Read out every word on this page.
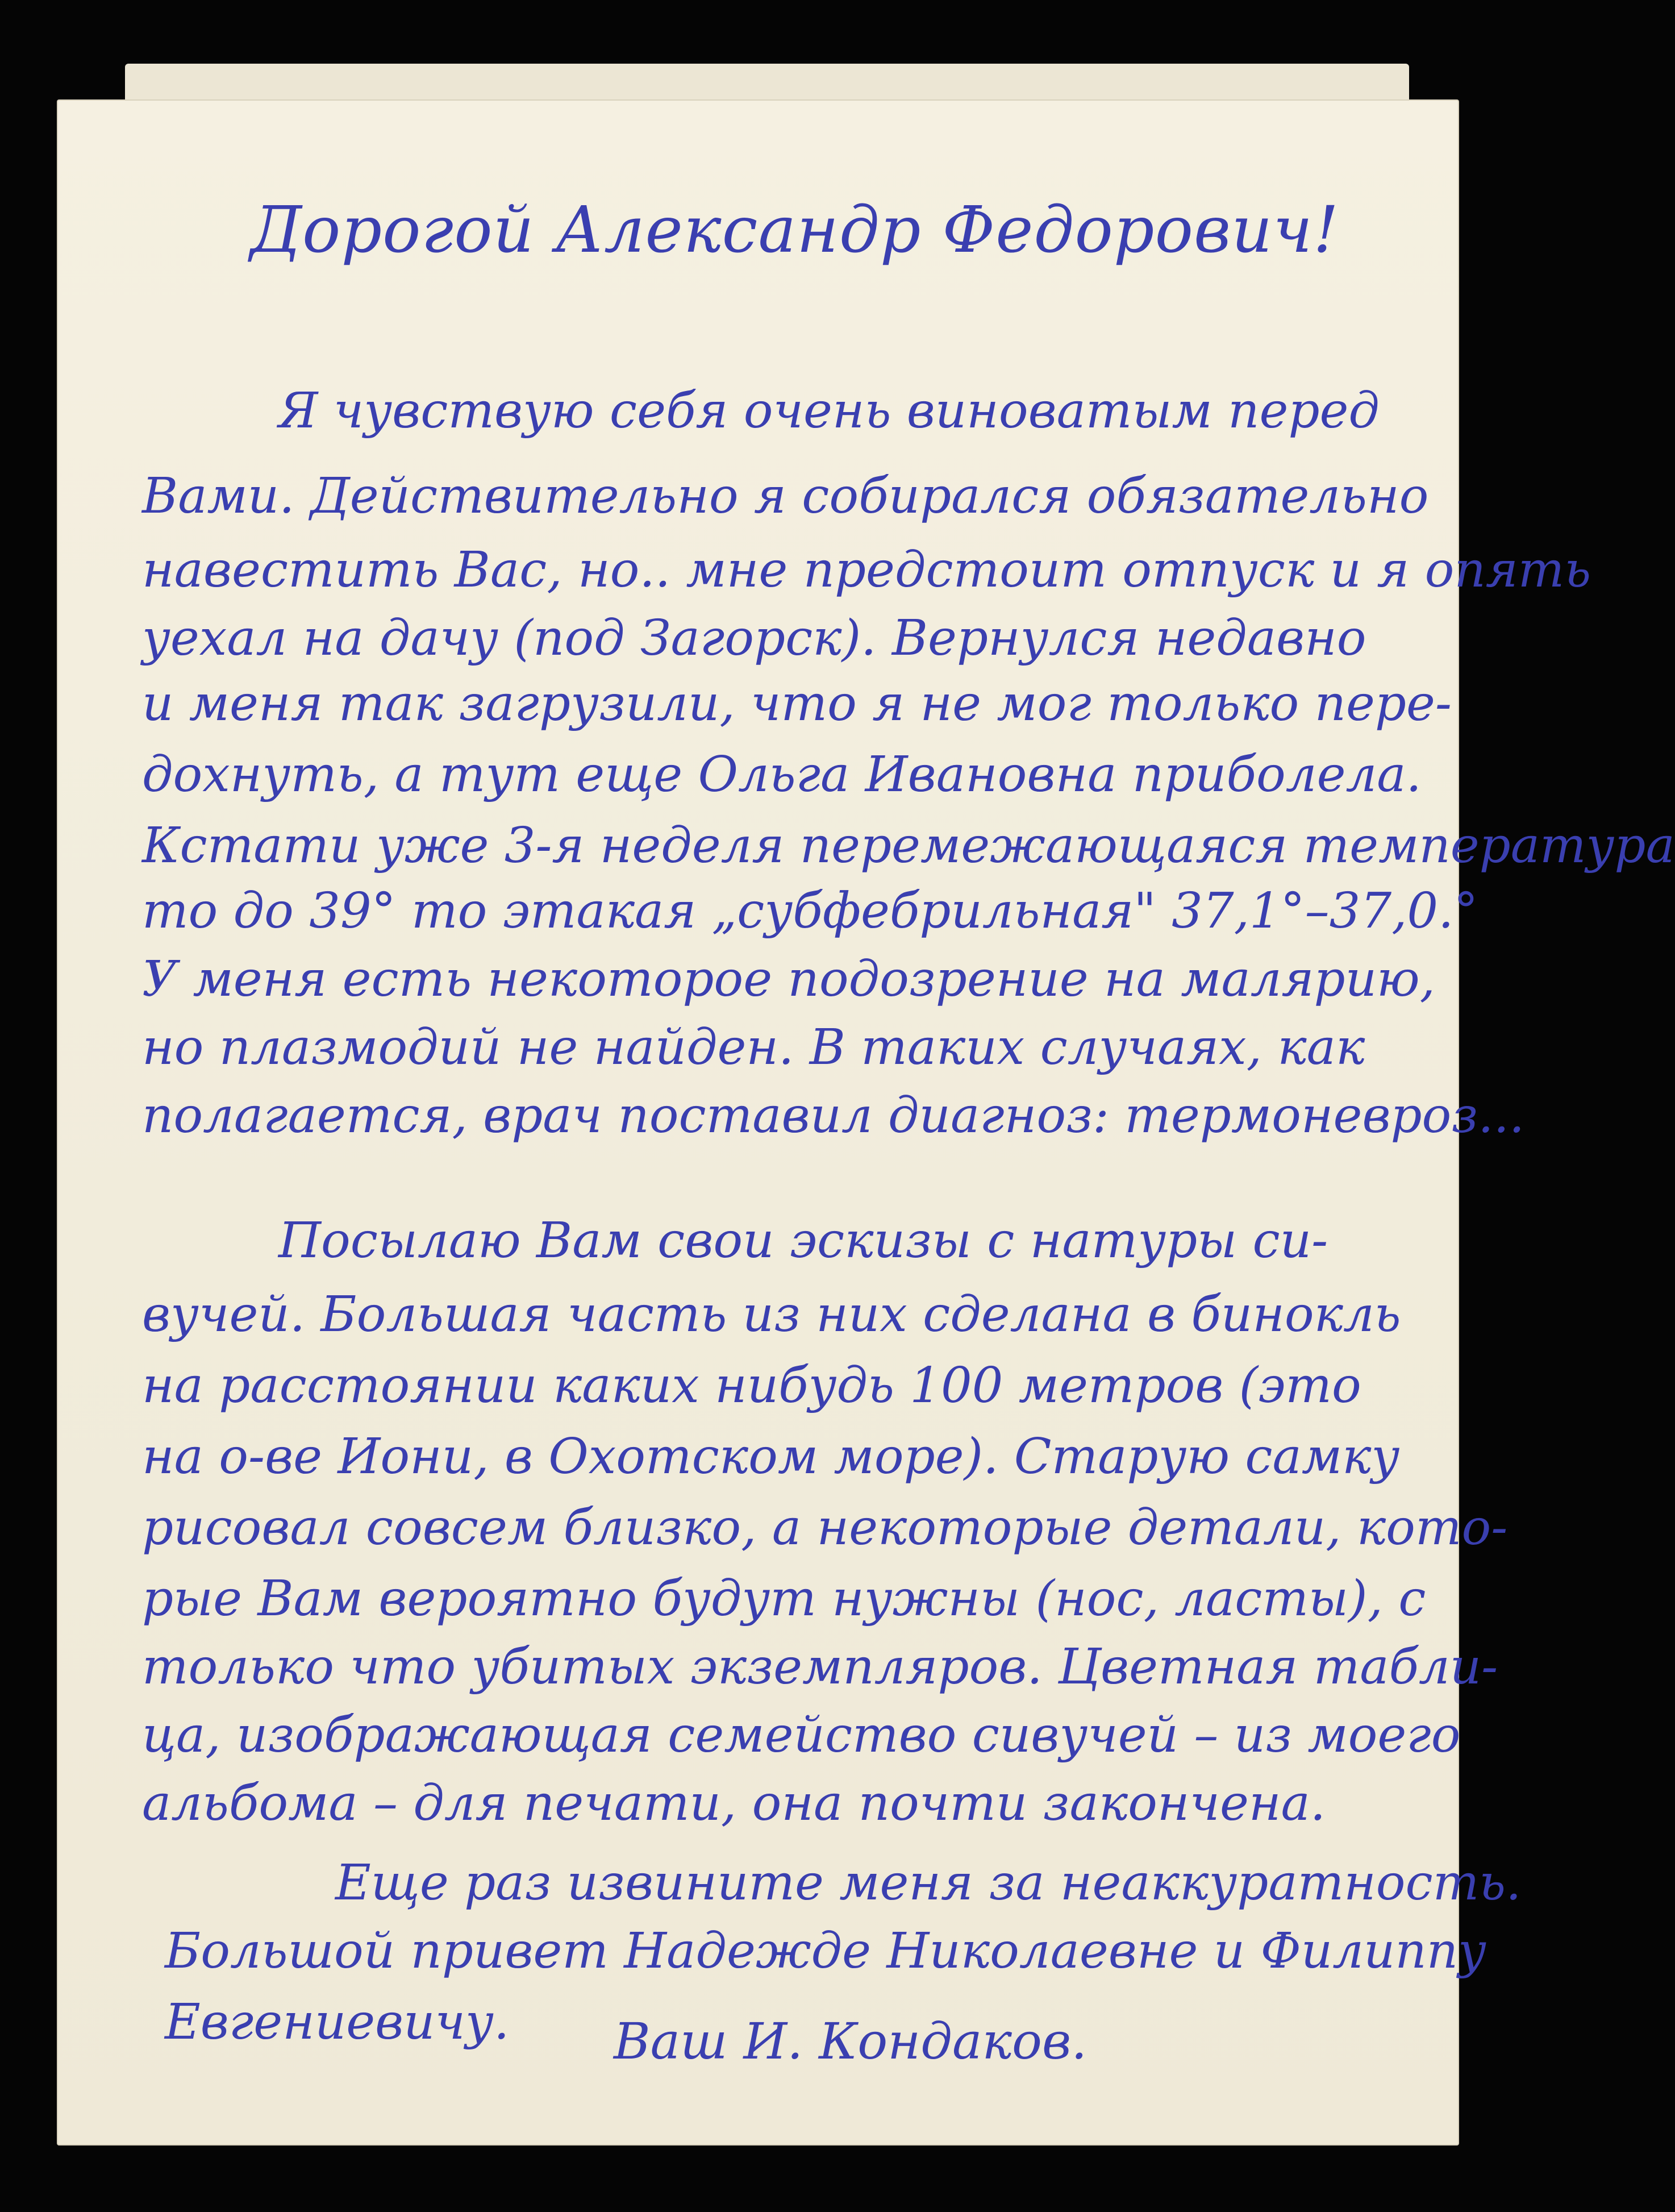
Дорогой Александр Федорович!
Я чувствую себя очень виноватым перед
Вами. Действительно я собирался обязательно
навестить Вас, но.. мне предстоит отпуск и я опять
уехал на дачу (под Загорск). Вернулся недавно
и меня так загрузили, что я не мог только пере-
дохнуть, а тут еще Ольга Ивановна приболела.
Кстати уже 3-я неделя перемежающаяся температура
то до 39° то этакая „субфебрильная" 37,1°–37,0.°
У меня есть некоторое подозрение на малярию,
но плазмодий не найден. В таких случаях, как
полагается, врач поставил диагноз: термоневроз...
Посылаю Вам свои эскизы с натуры си-
вучей. Большая часть из них сделана в бинокль
на расстоянии каких нибудь 100 метров (это
на о-ве Иони, в Охотском море). Старую самку
рисовал совсем близко, а некоторые детали, кото-
рые Вам вероятно будут нужны (нос, ласты), с
только что убитых экземпляров. Цветная табли-
ца, изображающая семейство сивучей – из моего
альбома – для печати, она почти закончена.
Еще раз извините меня за неаккуратность.
Большой привет Надежде Николаевне и Филиппу
Евгениевичу. Ваш И. Кондаков.
